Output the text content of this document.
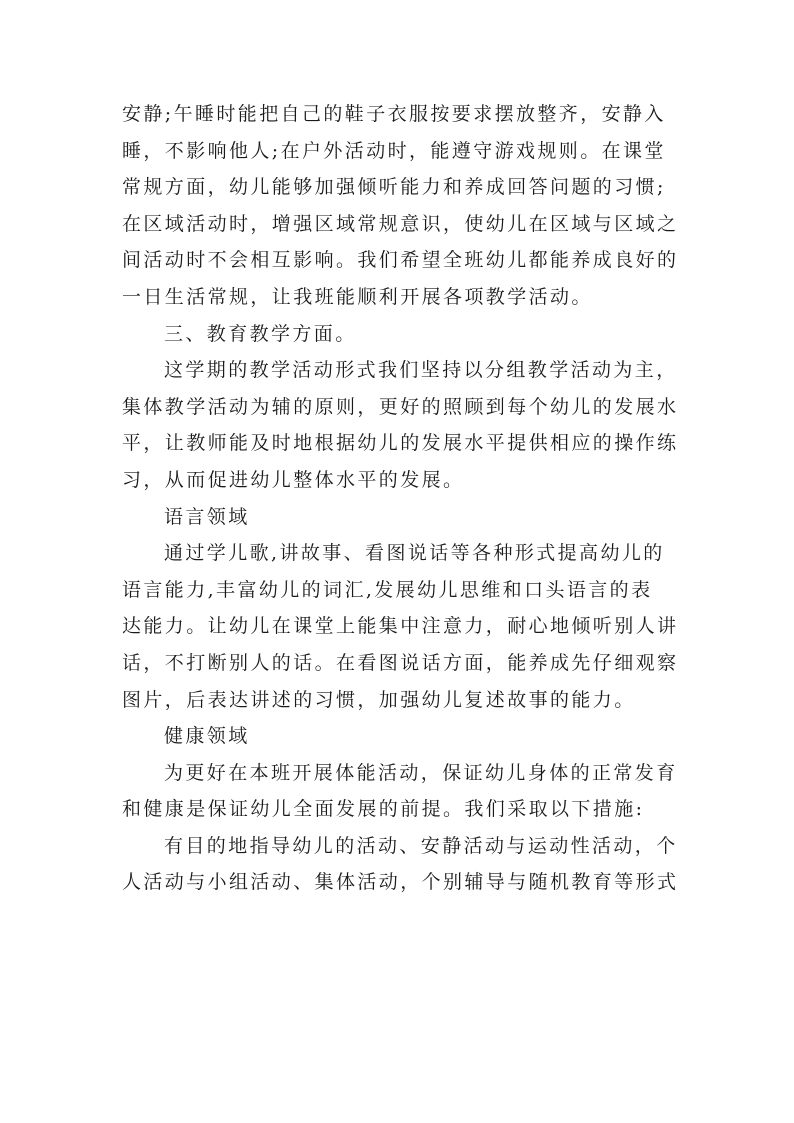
安静;午睡时能把自己的鞋子衣服按要求摆放整齐，安静入
睡，不影响他人;在户外活动时，能遵守游戏规则。在课堂
常规方面，幼儿能够加强倾听能力和养成回答问题的习惯;
在区域活动时，增强区域常规意识，使幼儿在区域与区域之
间活动时不会相互影响。我们希望全班幼儿都能养成良好的
一日生活常规，让我班能顺利开展各项教学活动。
三、教育教学方面。
这学期的教学活动形式我们坚持以分组教学活动为主，
集体教学活动为辅的原则，更好的照顾到每个幼儿的发展水
平，让教师能及时地根据幼儿的发展水平提供相应的操作练
习，从而促进幼儿整体水平的发展。
语言领域
通过学儿歌,讲故事、看图说话等各种形式提高幼儿的
语言能力,丰富幼儿的词汇,发展幼儿思维和口头语言的表
达能力。让幼儿在课堂上能集中注意力，耐心地倾听别人讲
话，不打断别人的话。在看图说话方面，能养成先仔细观察
图片，后表达讲述的习惯，加强幼儿复述故事的能力。
健康领域
为更好在本班开展体能活动，保证幼儿身体的正常发育
和健康是保证幼儿全面发展的前提。我们采取以下措施:
有目的地指导幼儿的活动、安静活动与运动性活动，个
人活动与小组活动、集体活动，个别辅导与随机教育等形式
